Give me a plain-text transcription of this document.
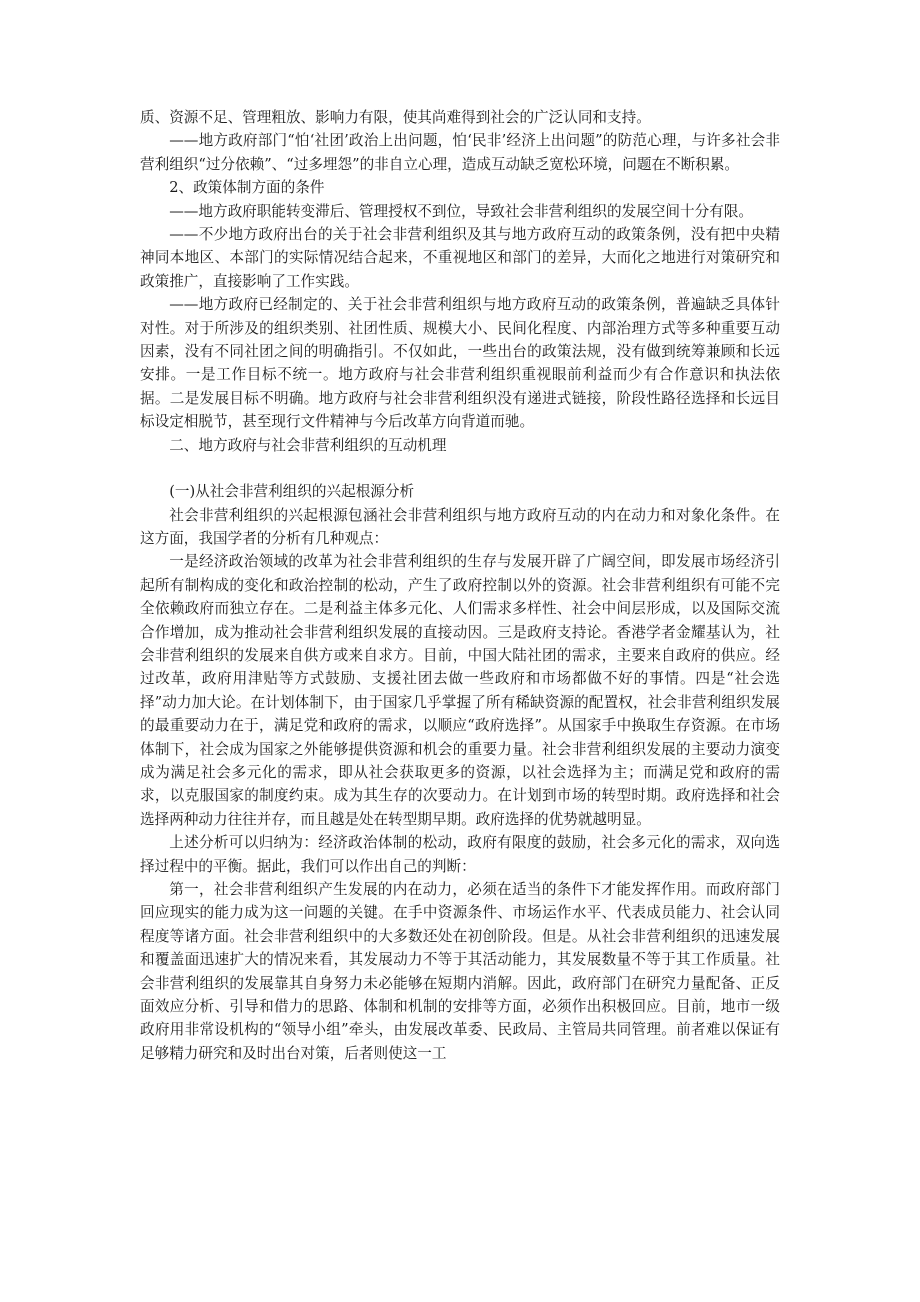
质、资源不足、管理粗放、影响力有限，使其尚难得到社会的广泛认同和支持。

——地方政府部门“怕‘社团’政治上出问题，怕‘民非’经济上出问题”的防范心理，与许多社会非营利组织“过分依赖”、“过多埋怨”的非自立心理，造成互动缺乏宽松环境，问题在不断积累。

2、政策体制方面的条件

——地方政府职能转变滞后、管理授权不到位，导致社会非营利组织的发展空间十分有限。

——不少地方政府出台的关于社会非营利组织及其与地方政府互动的政策条例，没有把中央精神同本地区、本部门的实际情况结合起来，不重视地区和部门的差异，大而化之地进行对策研究和政策推广，直接影响了工作实践。

——地方政府已经制定的、关于社会非营利组织与地方政府互动的政策条例，普遍缺乏具体针对性。对于所涉及的组织类别、社团性质、规模大小、民间化程度、内部治理方式等多种重要互动因素，没有不同社团之间的明确指引。不仅如此，一些出台的政策法规，没有做到统筹兼顾和长远安排。一是工作目标不统一。地方政府与社会非营利组织重视眼前利益而少有合作意识和执法依据。二是发展目标不明确。地方政府与社会非营利组织没有递进式链接，阶段性路径选择和长远目标设定相脱节，甚至现行文件精神与今后改革方向背道而驰。

二、地方政府与社会非营利组织的互动机理

(一)从社会非营利组织的兴起根源分析

社会非营利组织的兴起根源包涵社会非营利组织与地方政府互动的内在动力和对象化条件。在这方面，我国学者的分析有几种观点：

一是经济政治领域的改革为社会非营利组织的生存与发展开辟了广阔空间，即发展市场经济引起所有制构成的变化和政治控制的松动，产生了政府控制以外的资源。社会非营利组织有可能不完全依赖政府而独立存在。二是利益主体多元化、人们需求多样性、社会中间层形成，以及国际交流合作增加，成为推动社会非营利组织发展的直接动因。三是政府支持论。香港学者金耀基认为，社会非营利组织的发展来自供方或来自求方。目前，中国大陆社团的需求，主要来自政府的供应。经过改革，政府用津贴等方式鼓励、支援社团去做一些政府和市场都做不好的事情。四是“社会选择”动力加大论。在计划体制下，由于国家几乎掌握了所有稀缺资源的配置权，社会非营利组织发展的最重要动力在于，满足党和政府的需求，以顺应“政府选择”。从国家手中换取生存资源。在市场体制下，社会成为国家之外能够提供资源和机会的重要力量。社会非营利组织发展的主要动力演变成为满足社会多元化的需求，即从社会获取更多的资源，以社会选择为主；而满足党和政府的需求，以克服国家的制度约束。成为其生存的次要动力。在计划到市场的转型时期。政府选择和社会选择两种动力往往并存，而且越是处在转型期早期。政府选择的优势就越明显。

上述分析可以归纳为：经济政治体制的松动，政府有限度的鼓励，社会多元化的需求，双向选择过程中的平衡。据此，我们可以作出自己的判断：

第一，社会非营利组织产生发展的内在动力，必须在适当的条件下才能发挥作用。而政府部门回应现实的能力成为这一问题的关键。在手中资源条件、市场运作水平、代表成员能力、社会认同程度等诸方面。社会非营利组织中的大多数还处在初创阶段。但是。从社会非营利组织的迅速发展和覆盖面迅速扩大的情况来看，其发展动力不等于其活动能力，其发展数量不等于其工作质量。社会非营利组织的发展靠其自身努力未必能够在短期内消解。因此，政府部门在研究力量配备、正反面效应分析、引导和借力的思路、体制和机制的安排等方面，必须作出积极回应。目前，地市一级政府用非常设机构的“领导小组”牵头，由发展改革委、民政局、主管局共同管理。前者难以保证有足够精力研究和及时出台对策，后者则使这一工
